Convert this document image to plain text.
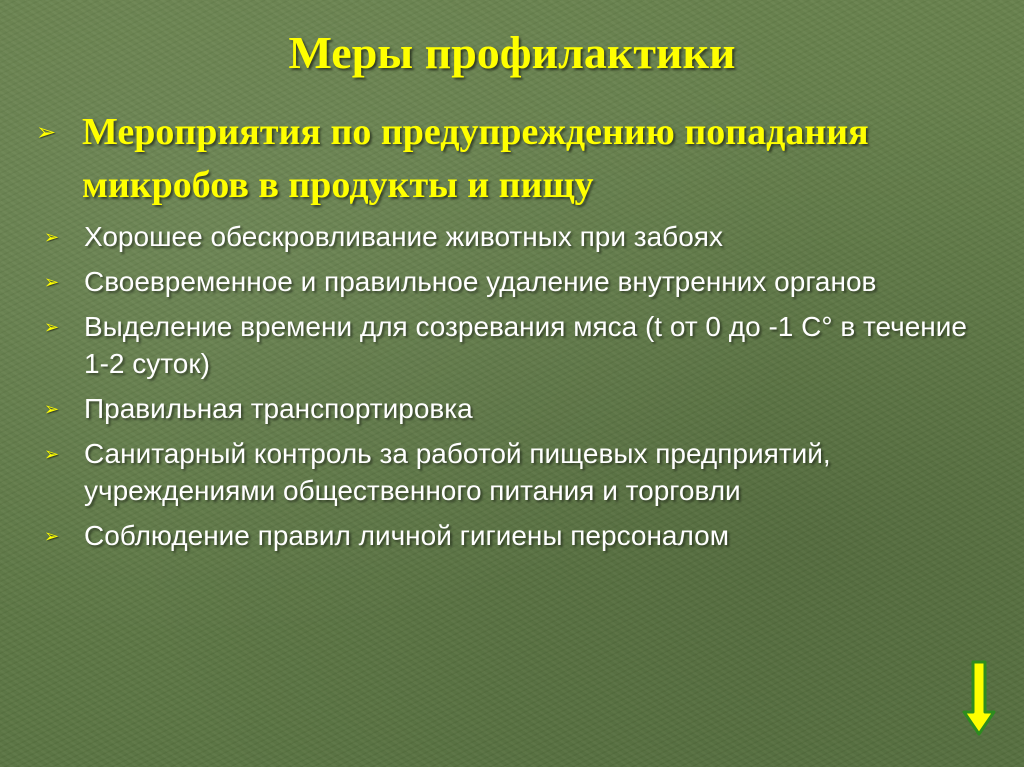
Меры профилактики
➢ Мероприятия по предупреждению попадания микробов в продукты и пищу
➢ Хорошее обескровливание животных при забоях
➢ Своевременное и правильное удаление внутренних органов
➢ Выделение времени для созревания мяса (t от 0 до -1 С° в течение 1-2 суток)
➢ Правильная транспортировка
➢ Санитарный контроль за работой пищевых предприятий, учреждениями общественного питания и торговли
➢ Соблюдение правил личной гигиены персоналом
